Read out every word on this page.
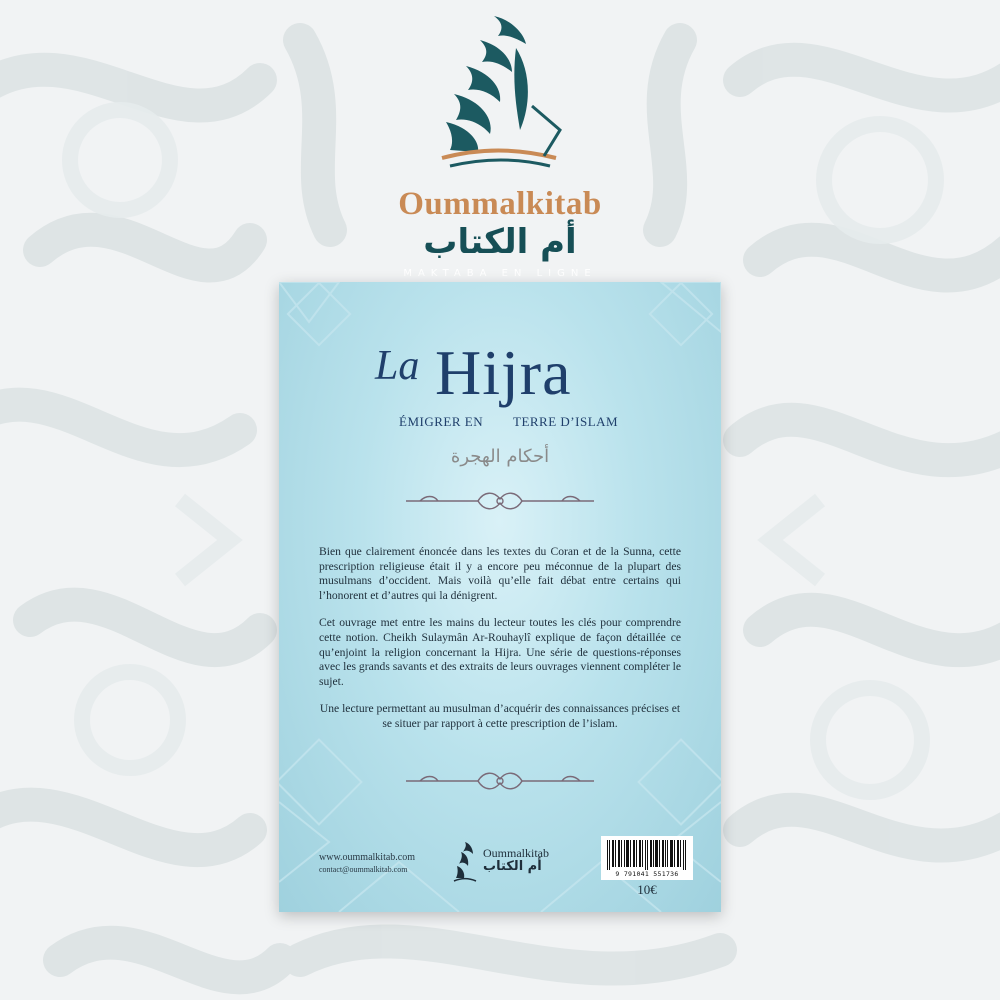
Oummalkitab
أم الكتاب
MAKTABA EN LIGNE
La Hijra
ÉMIGRER EN TERRE D’ISLAM
أحكام الهجرة

Bien que clairement énoncée dans les textes du Coran et de la Sunna, cette prescription religieuse était il y a encore peu méconnue de la plupart des musulmans d’occident. Mais voilà qu’elle fait débat entre certains qui l’honorent et d’autres qui la dénigrent.

Cet ouvrage met entre les mains du lecteur toutes les clés pour comprendre cette notion. Cheikh Sulaymân Ar-Rouhaylî explique de façon détaillée ce qu’enjoint la religion concernant la Hijra. Une série de questions-réponses avec les grands savants et des extraits de leurs ouvrages viennent compléter le sujet.

Une lecture permettant au musulman d’acquérir des connaissances précises et se situer par rapport à cette prescription de l’islam.

www.oummalkitab.com
contact@oummalkitab.com
Oummalkitab
أم الكتاب	9 791041 551736
10€
